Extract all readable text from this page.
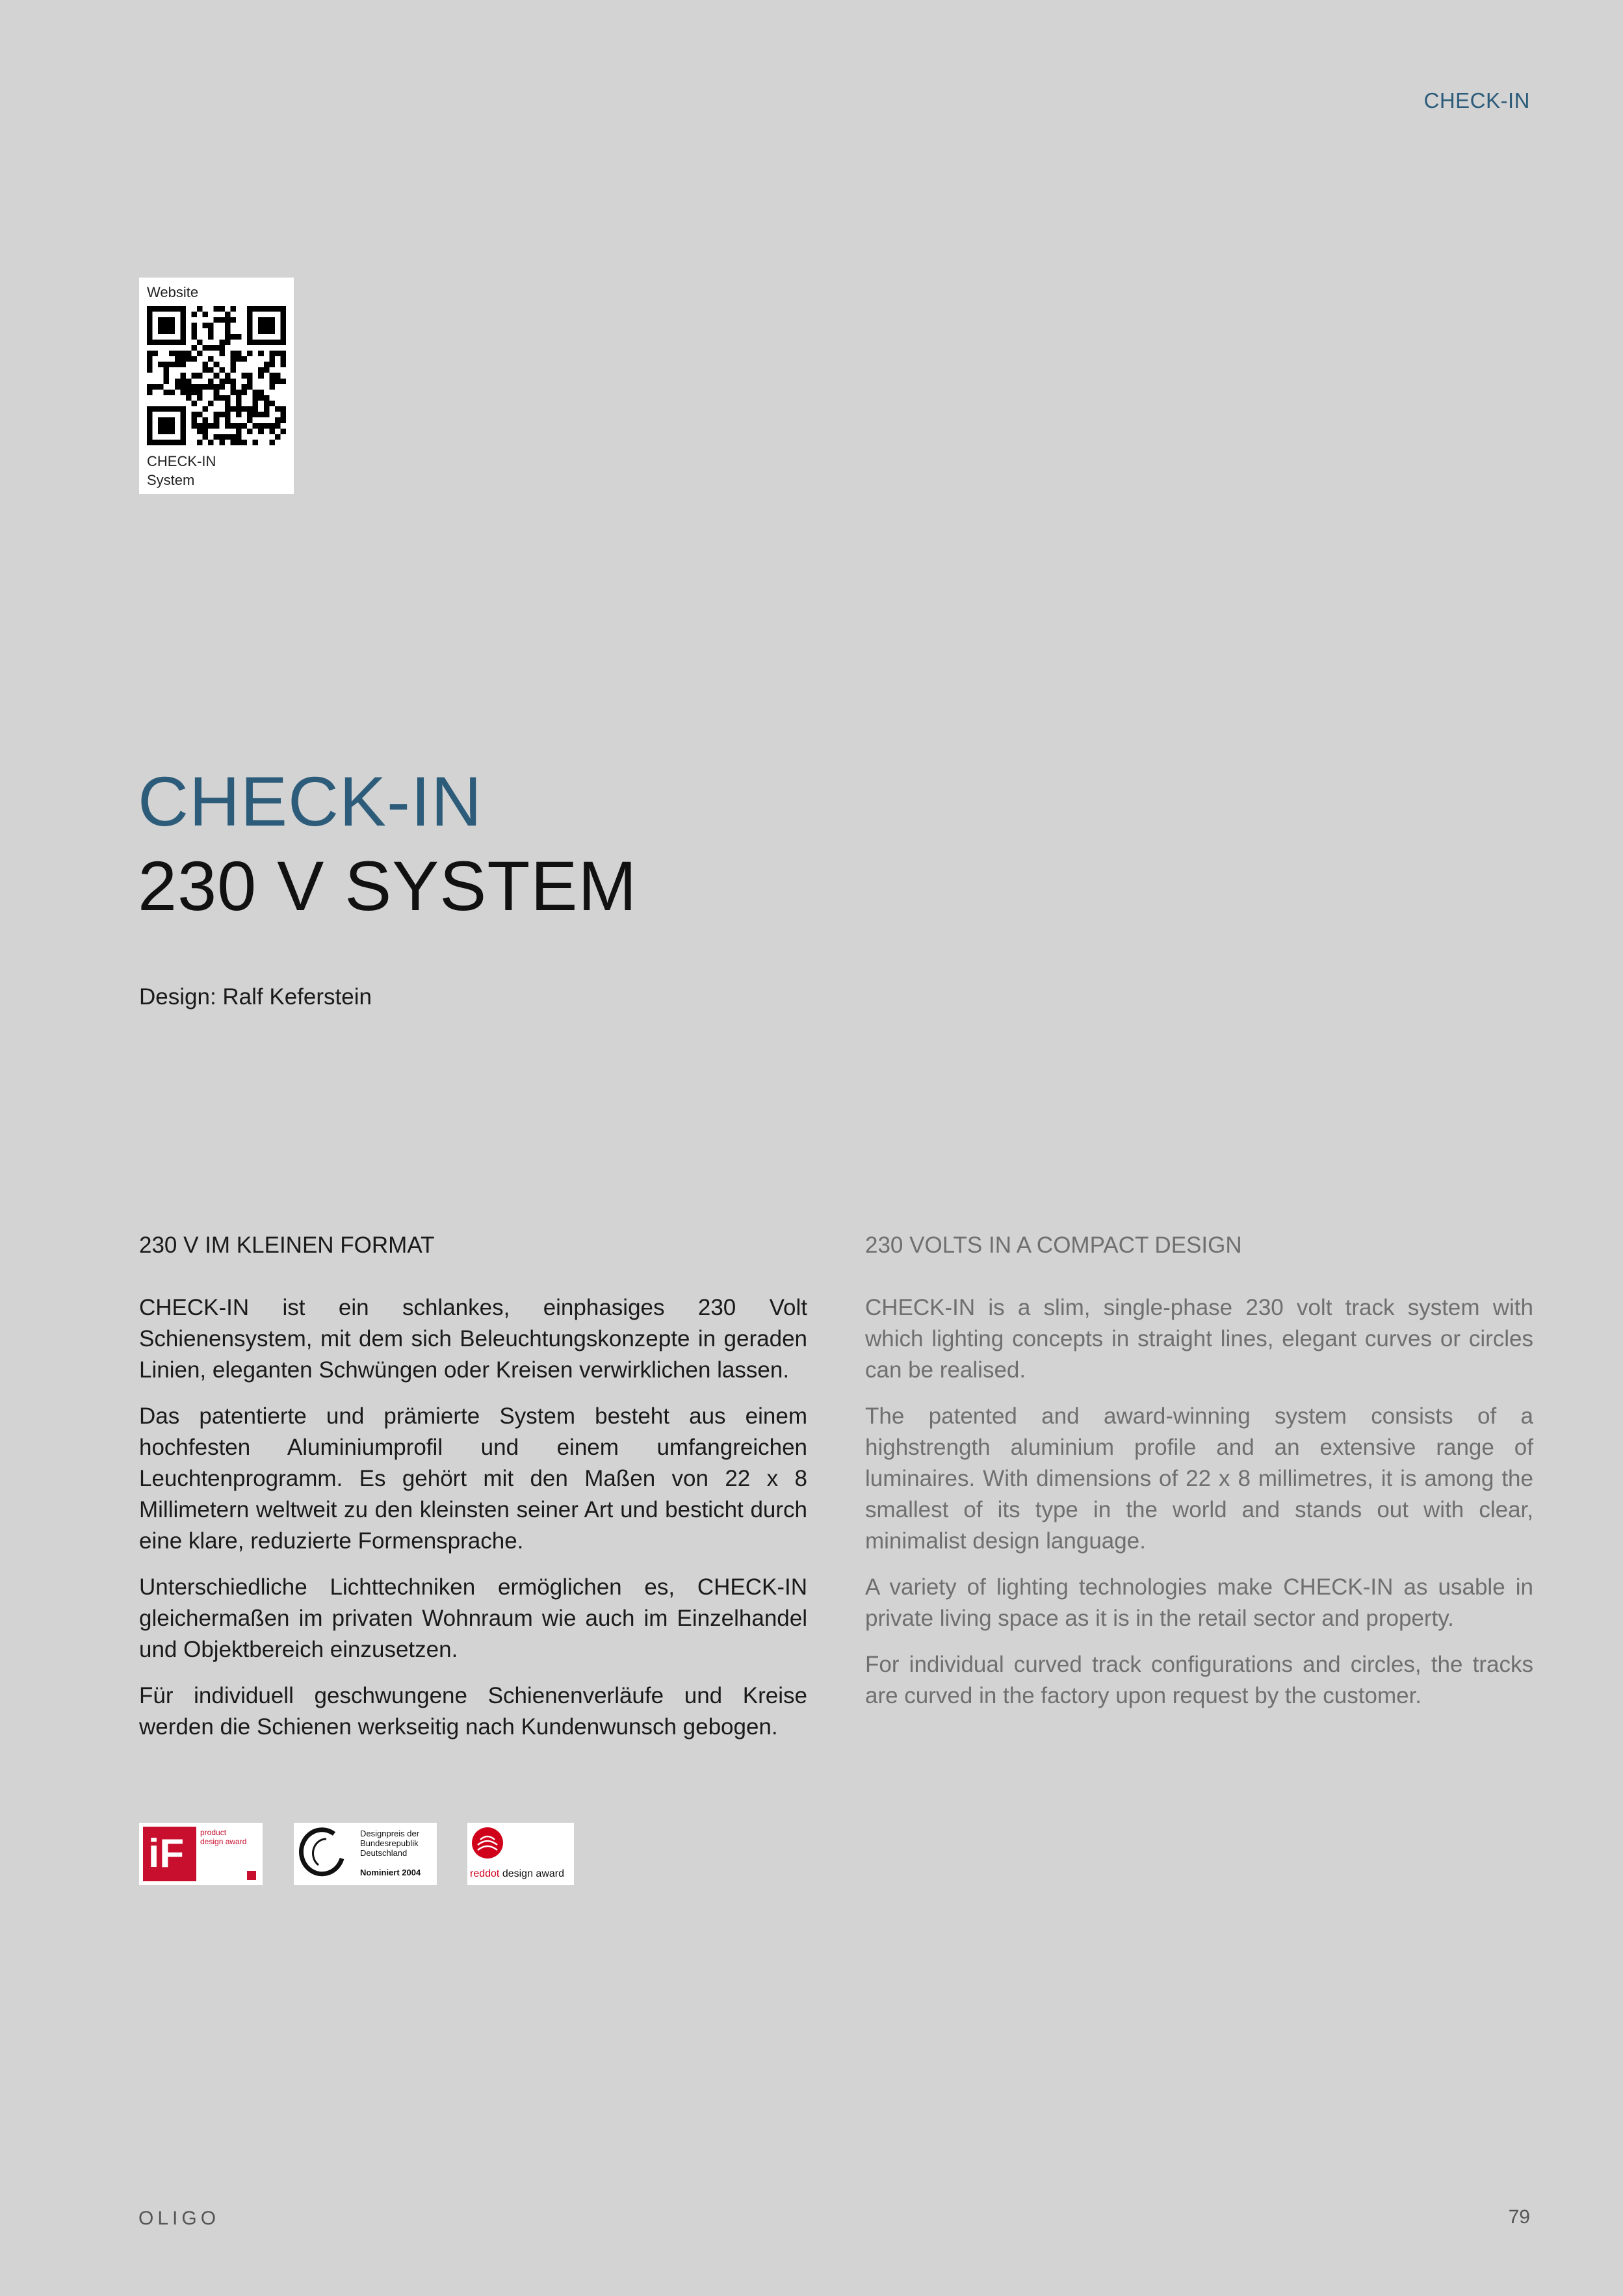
CHECK-IN
Website
CHECK-IN
System
CHECK-IN
230 V SYSTEM
Design: Ralf Keferstein
230 V IM KLEINEN FORMAT

CHECK-IN ist ein schlankes, einphasiges 230 Volt Schienensystem, mit dem sich Beleuchtungskonzepte in geraden Linien, eleganten Schwüngen oder Kreisen verwirklichen lassen.

Das patentierte und prämierte System besteht aus einem hochfesten Aluminiumprofil und einem umfangreichen Leuchtenprogramm. Es gehört mit den Maßen von 22 x 8 Millimetern weltweit zu den kleinsten seiner Art und besticht durch eine klare, reduzierte Formensprache.

Unterschiedliche Lichttechniken ermöglichen es, CHECK-IN gleichermaßen im privaten Wohnraum wie auch im Einzelhandel und Objektbereich einzusetzen.

Für individuell geschwungene Schienenverläufe und Kreise werden die Schienen werkseitig nach Kundenwunsch gebogen.

230 VOLTS IN A COMPACT DESIGN

CHECK-IN is a slim, single-phase 230 volt track system with which lighting concepts in straight lines, elegant curves or circles can be realised.

The patented and award-winning system consists of a highstrength aluminium profile and an extensive range of luminaires. With dimensions of 22 x 8 millimetres, it is among the smallest of its type in the world and stands out with clear, minimalist design language.

A variety of lighting technologies make CHECK-IN as usable in private living space as it is in the retail sector and property.

For individual curved track configurations and circles, the tracks are curved in the factory upon request by the customer.

iF product
design award
Designpreis der
Bundesrepublik
Deutschland
Nominiert 2004	reddot design award
OLIGO	79
